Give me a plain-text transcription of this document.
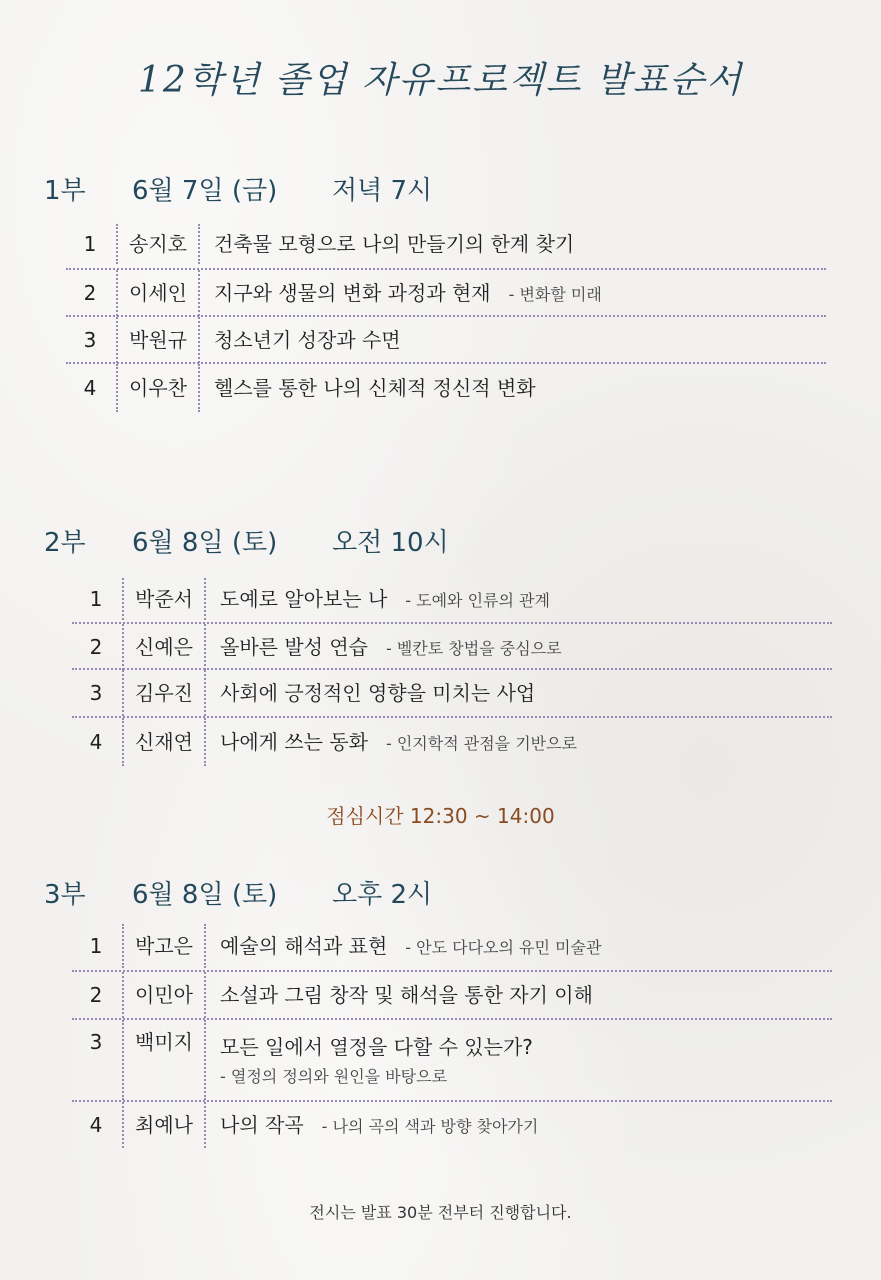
12학년 졸업 자유프로젝트 발표순서
1부 6월 7일 (금) 저녁 7시
1	송지호	건축물 모형으로 나의 만들기의 한계 찾기
2	이세인	지구와 생물의 변화 과정과 현재 - 변화할 미래
3	박원규	청소년기 성장과 수면
4	이우찬	헬스를 통한 나의 신체적 정신적 변화
2부 6월 8일 (토) 오전 10시
1	박준서	도예로 알아보는 나 - 도예와 인류의 관계
2	신예은	올바른 발성 연습 - 벨칸토 창법을 중심으로
3	김우진	사회에 긍정적인 영향을 미치는 사업
4	신재연	나에게 쓰는 동화 - 인지학적 관점을 기반으로
점심시간 12:30 ~ 14:00
3부 6월 8일 (토) 오후 2시
1	박고은	예술의 해석과 표현 - 안도 다다오의 유민 미술관
2	이민아	소설과 그림 창작 및 해석을 통한 자기 이해
3	백미지	모든 일에서 열정을 다할 수 있는가?
- 열정의 정의와 원인을 바탕으로
4	최예나	나의 작곡 - 나의 곡의 색과 방향 찾아가기
전시는 발표 30분 전부터 진행합니다.
